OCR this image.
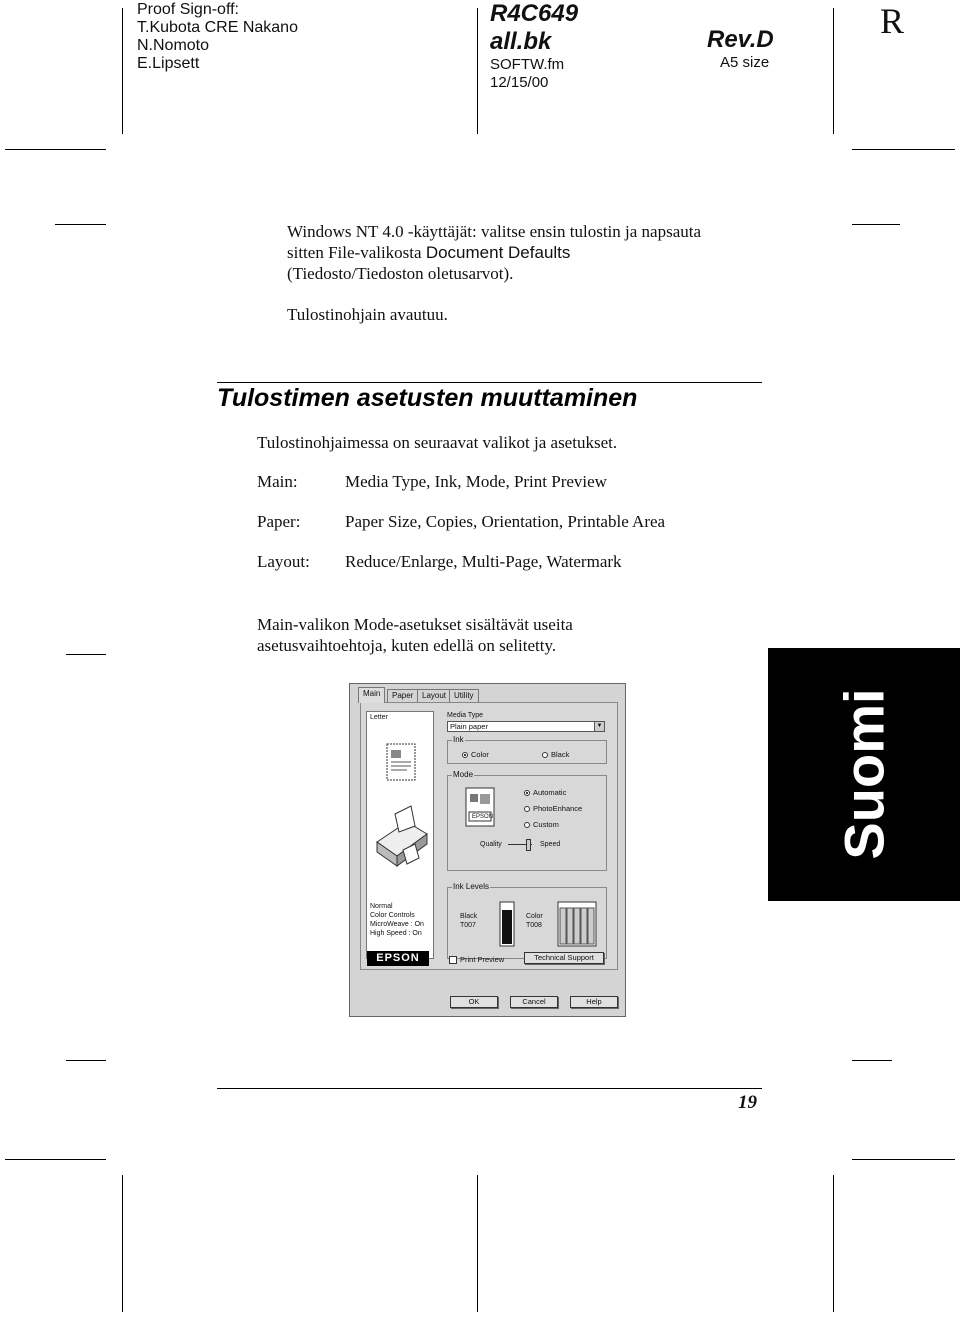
Proof Sign-off:
T.Kubota CRE Nakano
N.Nomoto
E.Lipsett
R4C649
all.bk
SOFTW.fm
12/15/00
Rev.D
A5 size
R
Windows NT 4.0 -käyttäjät: valitse ensin tulostin ja napsauta
sitten File-valikosta Document Defaults
(Tiedosto/Tiedoston oletusarvot).
Tulostinohjain avautuu.
Tulostimen asetusten muuttaminen
Tulostinohjaimessa on seuraavat valikot ja asetukset.
Main:	Media Type, Ink, Mode, Print Preview
Paper:	Paper Size, Copies, Orientation, Printable Area
Layout: Reduce/Enlarge, Multi-Page, Watermark
Main-valikon Mode-asetukset sisältävät useita
asetusvaihtoehtoja, kuten edellä on selitetty.
Suomi
Main	Paper	Layout Utility
Letter
Normal
Color Controls
MicroWeave : On
High Speed : On
Media Type
Plain paper	▼
Ink
Color	Black
Mode
EPSON
Automatic
PhotoEnhance
Custom
Quality	Speed
Ink Levels
Black
T007
Color
T008
EPSON	Print Preview	Technical Support
OK	Cancel	Help
19
